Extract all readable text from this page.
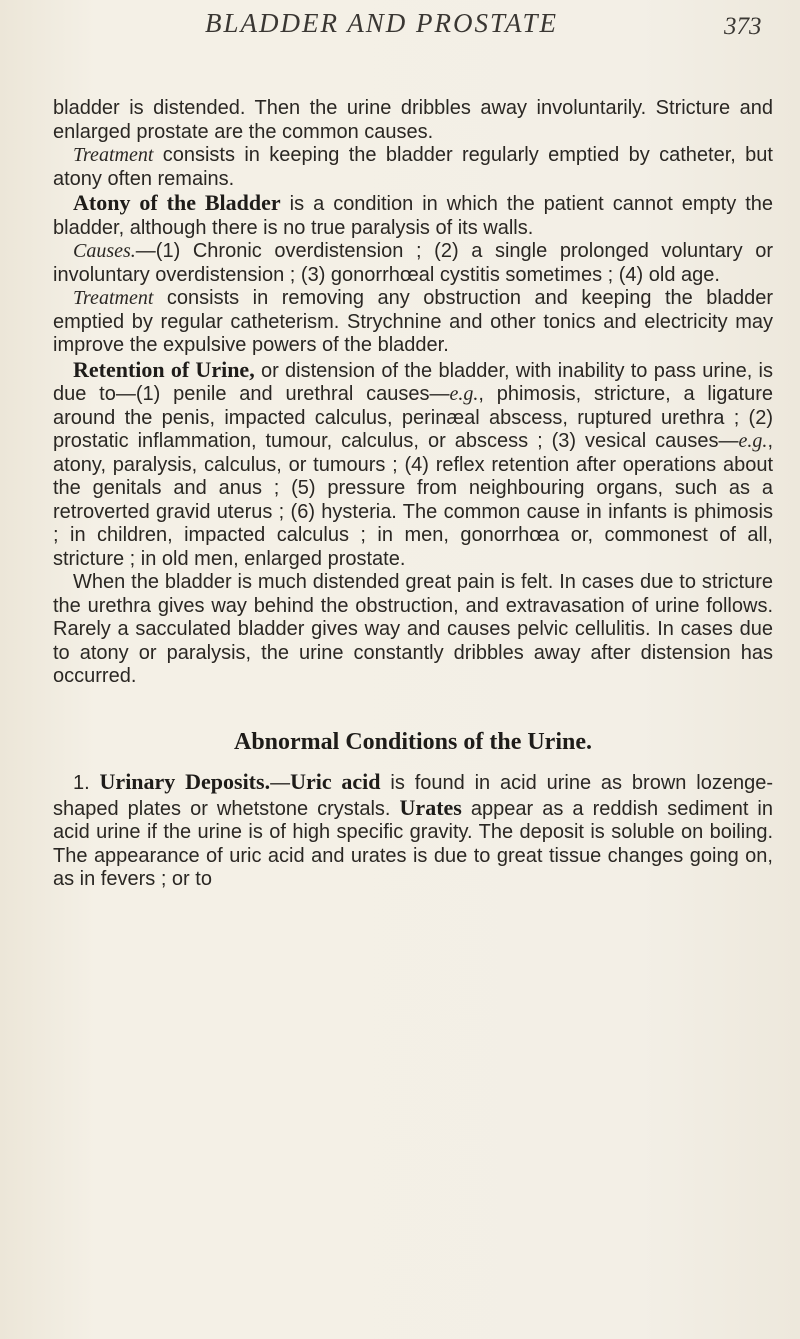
BLADDER AND PROSTATE	373

bladder is distended. Then the urine dribbles away involuntarily. Stricture and enlarged prostate are the common causes.

Treatment consists in keeping the bladder regularly emptied by catheter, but atony often remains.

Atony of the Bladder is a condition in which the patient cannot empty the bladder, although there is no true paralysis of its walls.

Causes.—(1) Chronic overdistension ; (2) a single prolonged voluntary or involuntary overdistension ; (3) gonorrhœal cystitis sometimes ; (4) old age.

Treatment consists in removing any obstruction and keeping the bladder emptied by regular catheterism. Strychnine and other tonics and electricity may improve the expulsive powers of the bladder.

Retention of Urine, or distension of the bladder, with inability to pass urine, is due to—(1) penile and urethral causes—e.g., phimosis, stricture, a ligature around the penis, impacted calculus, perinæal abscess, ruptured urethra ; (2) prostatic inflammation, tumour, calculus, or abscess ; (3) vesical causes—e.g., atony, paralysis, calculus, or tumours ; (4) reflex retention after operations about the genitals and anus ; (5) pressure from neighbouring organs, such as a retroverted gravid uterus ; (6) hysteria. The common cause in infants is phimosis ; in children, impacted calculus ; in men, gonorrhœa or, commonest of all, stricture ; in old men, enlarged prostate.

When the bladder is much distended great pain is felt. In cases due to stricture the urethra gives way behind the obstruction, and extravasation of urine follows. Rarely a sacculated bladder gives way and causes pelvic cellulitis. In cases due to atony or paralysis, the urine constantly dribbles away after distension has occurred.

Abnormal Conditions of the Urine.

1. Urinary Deposits.—Uric acid is found in acid urine as brown lozenge-shaped plates or whetstone crystals. Urates appear as a reddish sediment in acid urine if the urine is of high specific gravity. The deposit is soluble on boiling. The appearance of uric acid and urates is due to great tissue changes going on, as in fevers ; or to
